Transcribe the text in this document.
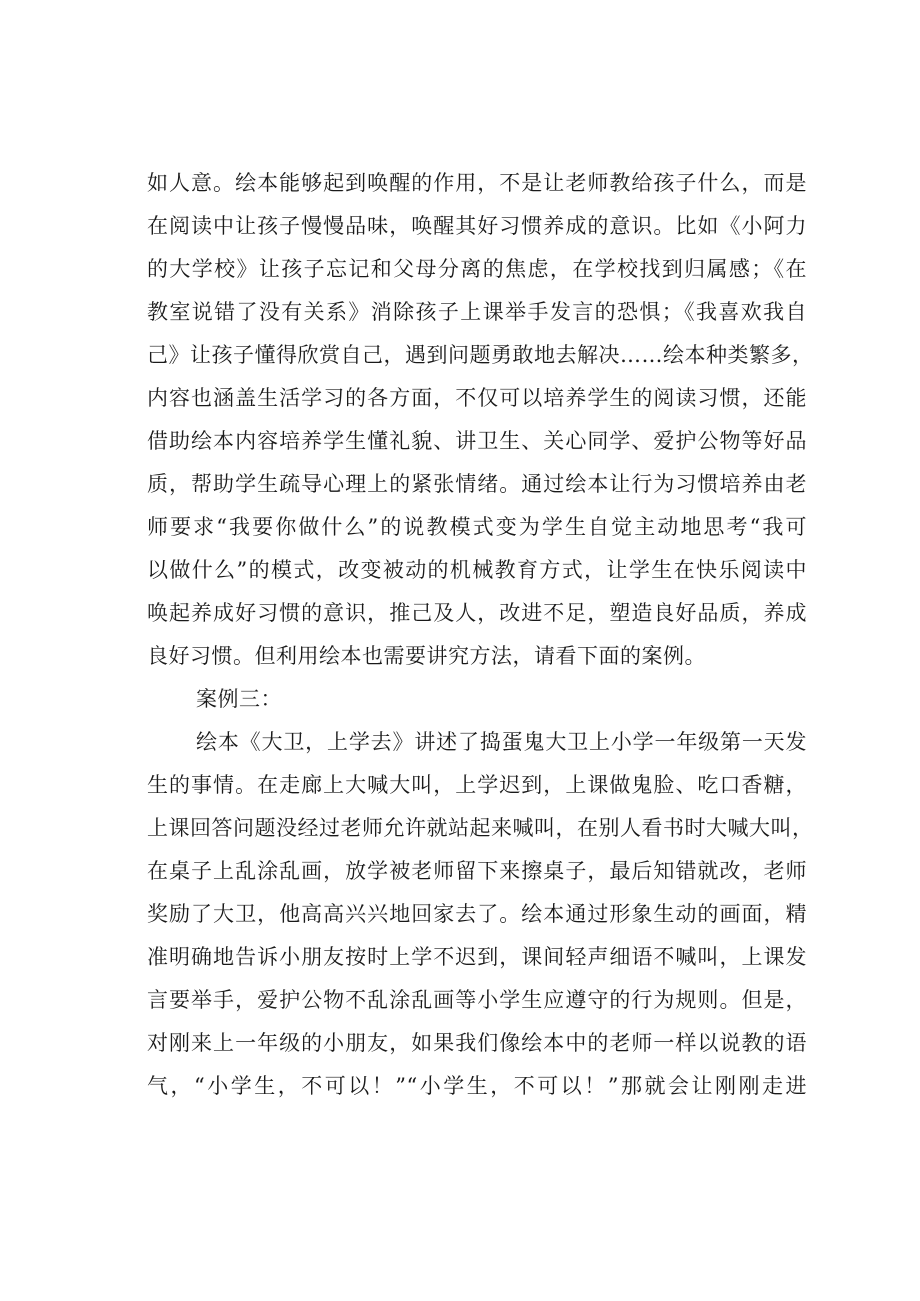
如人意。绘本能够起到唤醒的作用，不是让老师教给孩子什么，而是
在阅读中让孩子慢慢品味，唤醒其好习惯养成的意识。比如《小阿力
的大学校》让孩子忘记和父母分离的焦虑，在学校找到归属感；《在
教室说错了没有关系》消除孩子上课举手发言的恐惧；《我喜欢我自
己》让孩子懂得欣赏自己，遇到问题勇敢地去解决……绘本种类繁多，
内容也涵盖生活学习的各方面，不仅可以培养学生的阅读习惯，还能
借助绘本内容培养学生懂礼貌、讲卫生、关心同学、爱护公物等好品
质，帮助学生疏导心理上的紧张情绪。通过绘本让行为习惯培养由老
师要求“我要你做什么”的说教模式变为学生自觉主动地思考“我可
以做什么”的模式，改变被动的机械教育方式，让学生在快乐阅读中
唤起养成好习惯的意识，推己及人，改进不足，塑造良好品质，养成
良好习惯。但利用绘本也需要讲究方法，请看下面的案例。
案例三：
绘本《大卫，上学去》讲述了捣蛋鬼大卫上小学一年级第一天发
生的事情。在走廊上大喊大叫，上学迟到，上课做鬼脸、吃口香糖，
上课回答问题没经过老师允许就站起来喊叫，在别人看书时大喊大叫，
在桌子上乱涂乱画，放学被老师留下来擦桌子，最后知错就改，老师
奖励了大卫，他高高兴兴地回家去了。绘本通过形象生动的画面，精
准明确地告诉小朋友按时上学不迟到，课间轻声细语不喊叫，上课发
言要举手，爱护公物不乱涂乱画等小学生应遵守的行为规则。但是，
对刚来上一年级的小朋友，如果我们像绘本中的老师一样以说教的语
气，“小学生，不可以！”“小学生，不可以！”那就会让刚刚走进
